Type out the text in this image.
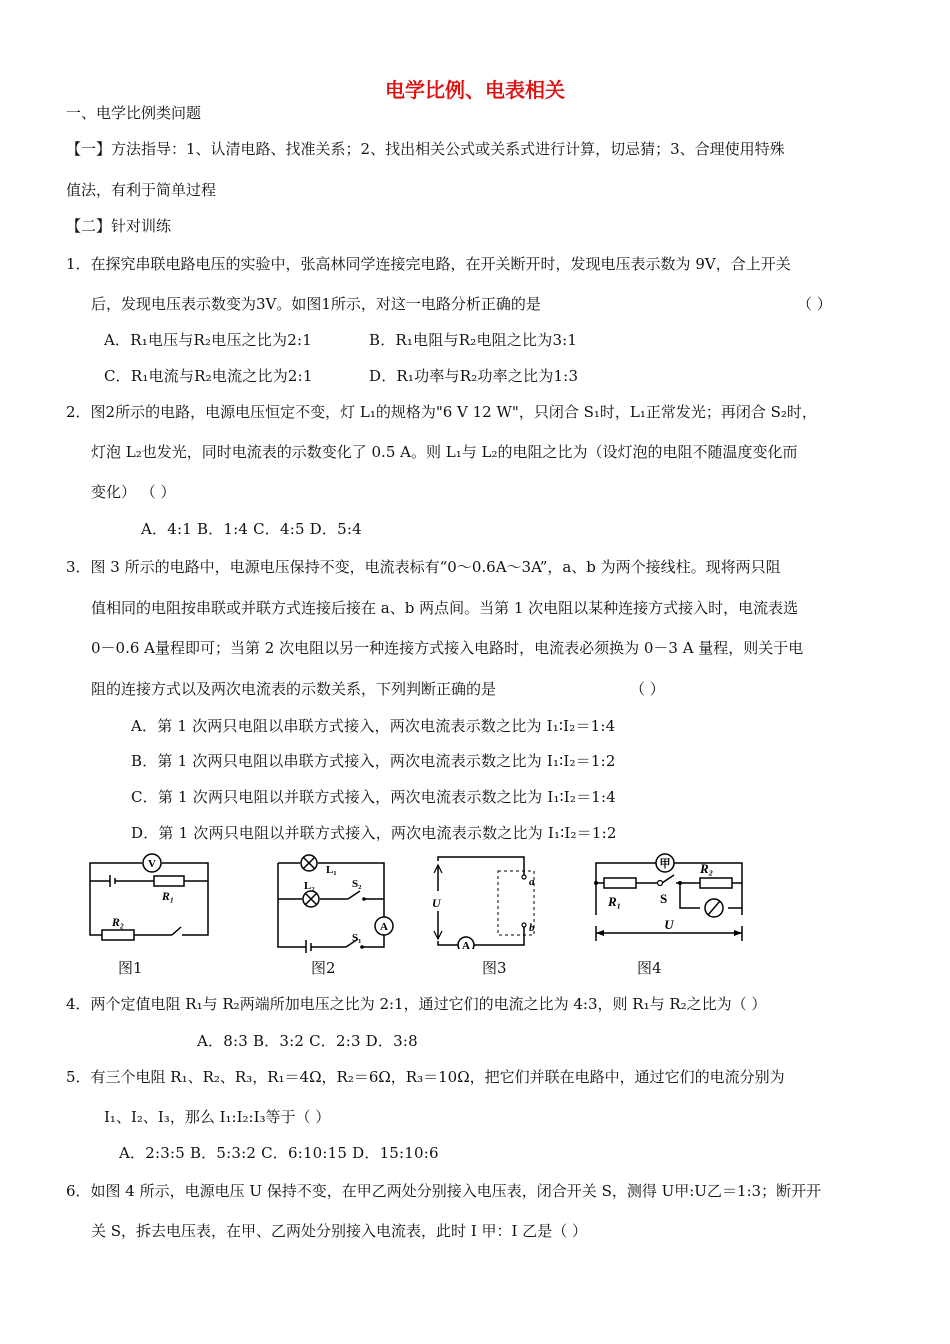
电学比例、电表相关
一、电学比例类问题
【一】方法指导：1、认清电路、找准关系；2、找出相关公式或关系式进行计算，切忌猜；3、合理使用特殊
值法，有利于简单过程
【二】针对训练
1．在探究串联电路电压的实验中，张高林同学连接完电路，在开关断开时，发现电压表示数为 9V，合上开关
后，发现电压表示数变为3V。如图1所示，对这一电路分析正确的是	（ ）
A．R₁电压与R₂电压之比为2:1	B．R₁电阻与R₂电阻之比为3:1
C．R₁电流与R₂电流之比为2:1	D．R₁功率与R₂功率之比为1:3
2．图2所示的电路，电源电压恒定不变，灯 L₁的规格为"6 V 12 W"，只闭合 S₁时，L₁正常发光；再闭合 S₂时，
灯泡 L₂也发光，同时电流表的示数变化了 0.5 A。则 L₁与 L₂的电阻之比为（设灯泡的电阻不随温度变化而
变化） （ ）
A．4:1 B．1:4 C．4:5 D．5:4
3．图 3 所示的电路中，电源电压保持不变，电流表标有“0～0.6A～3A”，a、b 为两个接线柱。现将两只阻
值相同的电阻按串联或并联方式连接后接在 a、b 两点间。当第 1 次电阻以某种连接方式接入时，电流表选
0－0.6 A量程即可；当第 2 次电阻以另一种连接方式接入电路时，电流表必须换为 0－3 A 量程，则关于电
阻的连接方式以及两次电流表的示数关系，下列判断正确的是	（ ）
A．第 1 次两只电阻以串联方式接入，两次电流表示数之比为 I₁∶I₂＝1:4
B．第 1 次两只电阻以串联方式接入，两次电流表示数之比为 I₁∶I₂＝1:2
C．第 1 次两只电阻以并联方式接入，两次电流表示数之比为 I₁∶I₂＝1:4
D．第 1 次两只电阻以并联方式接入，两次电流表示数之比为 I₁∶I₂＝1:2
V
R₁
R₂
图1
L₁
L₂	S₂
S₁
A
图2
U
a
b
A
图3
甲
R₁	S
R₂
U
图4
4．两个定值电阻 R₁与 R₂两端所加电压之比为 2:1，通过它们的电流之比为 4:3，则 R₁与 R₂之比为（ ）
A．8:3 B．3:2 C．2:3 D．3:8
5．有三个电阻 R₁、R₂、R₃，R₁＝4Ω，R₂＝6Ω，R₃＝10Ω，把它们并联在电路中，通过它们的电流分别为
I₁、I₂、I₃，那么 I₁:I₂:I₃等于（ ）
A．2:3:5 B．5:3:2 C．6:10:15 D．15:10:6
6．如图 4 所示，电源电压 U 保持不变，在甲乙两处分别接入电压表，闭合开关 S，测得 U甲:U乙＝1:3；断开开
关 S，拆去电压表，在甲、乙两处分别接入电流表，此时 I 甲：I 乙是（ ）
